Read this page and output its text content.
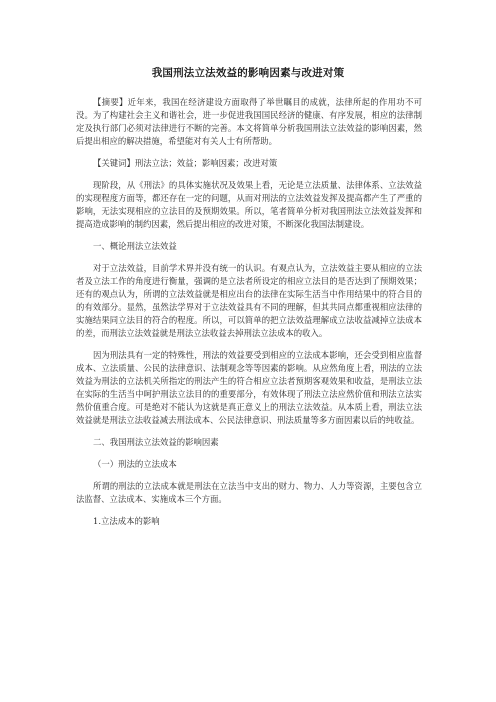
我国刑法立法效益的影响因素与改进对策

【摘要】近年来，我国在经济建设方面取得了举世瞩目的成就，法律所起的作用功不可没。为了构建社会主义和谐社会，进一步促进我国国民经济的健康、有序发展，相应的法律制定及执行部门必须对法律进行不断的完善。本文将简单分析我国刑法立法效益的影响因素，然后提出相应的解决措施，希望能对有关人士有所帮助。

【关键词】刑法立法；效益；影响因素；改进对策

现阶段，从《刑法》的具体实施状况及效果上看，无论是立法质量、法律体系、立法效益的实现程度方面等，都还存在一定的问题，从而对刑法的立法效益发挥及提高都产生了严重的影响，无法实现相应的立法目的及预期效果。所以，笔者简单分析对我国刑法立法效益发挥和提高造成影响的制约因素，然后提出相应的改进对策，不断深化我国法制建设。

一、概论刑法立法效益

对于立法效益，目前学术界并没有统一的认识。有观点认为，立法效益主要从相应的立法者及立法工作的角度进行衡量，强调的是立法者所设定的相应立法目的是否达到了预期效果；还有的观点认为，所谓的立法效益就是相应出台的法律在实际生活当中作用结果中的符合目的的有效部分。显然，虽然法学界对于立法效益具有不同的理解，但其共同点都重视相应法律的实施结果同立法目的符合的程度。所以，可以简单的把立法效益理解成立法收益减掉立法成本的差，而刑法立法效益就是刑法立法收益去掉刑法立法成本的收入。

因为刑法具有一定的特殊性，刑法的效益要受到相应的立法成本影响，还会受到相应监督成本、立法质量、公民的法律意识、法制观念等等因素的影响。从应然角度上看，刑法的立法效益为刑法的立法机关所指定的刑法产生的符合相应立法者预期客观效果和收益，是刑法立法在实际的生活当中呵护刑法立法目的的重要部分，有效体现了刑法立法应然价值和刑法立法实然价值重合度。可是绝对不能认为这就是真正意义上的刑法立法效益。从本质上看，刑法立法效益就是刑法立法收益减去刑法成本、公民法律意识、刑法质量等多方面因素以后的纯收益。

二、我国刑法立法效益的影响因素

（一）刑法的立法成本

所谓的刑法的立法成本就是刑法在立法当中支出的财力、物力、人力等资源，主要包含立法监督、立法成本、实施成本三个方面。

1.立法成本的影响
